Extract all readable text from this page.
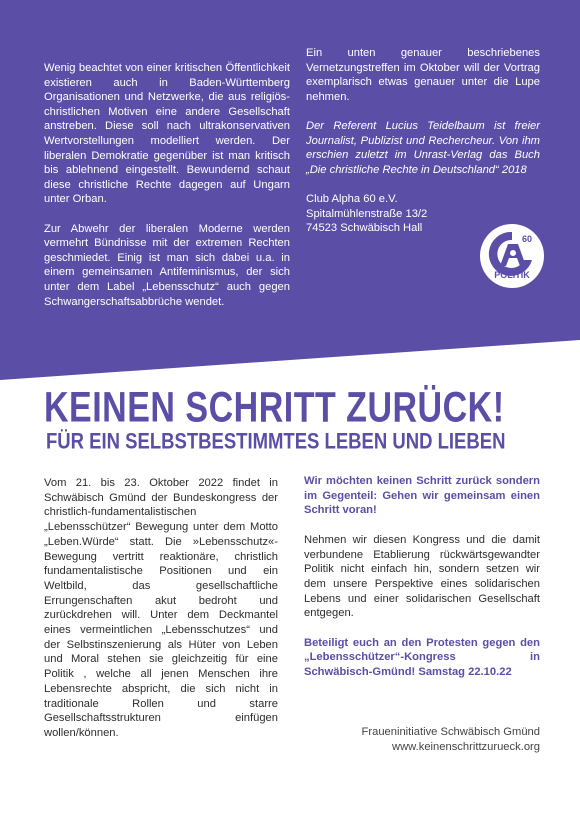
Wenig beachtet von einer kritischen Öffentlichkeit existieren auch in Baden-Württemberg Organisationen und Netzwerke, die aus religiös-christlichen Motiven eine andere Gesellschaft anstreben. Diese soll nach ultrakonservativen Wertvorstellungen modelliert werden. Der liberalen Demokratie gegenüber ist man kritisch bis ablehnend eingestellt. Bewundernd schaut diese christliche Rechte dagegen auf Ungarn unter Orban.

Zur Abwehr der liberalen Moderne werden vermehrt Bündnisse mit der extremen Rechten geschmiedet. Einig ist man sich dabei u.a. in einem gemeinsamen Antifeminismus, der sich unter dem Label „Lebensschutz“ auch gegen Schwangerschaftsabbrüche wendet.

Ein unten genauer beschriebenes Vernetzungstreffen im Oktober will der Vortrag exemplarisch etwas genauer unter die Lupe nehmen.

Der Referent Lucius Teidelbaum ist freier Journalist, Publizist und Rechercheur. Von ihm erschien zuletzt im Unrast-Verlag das Buch „Die christliche Rechte in Deutschland“ 2018

Club Alpha 60 e.V.
Spitalmühlenstraße 13/2
74523 Schwäbisch Hall
60
POLITIK
KEINEN SCHRITT ZURÜCK!
FÜR EIN SELBSTBESTIMMTES LEBEN UND LIEBEN
Vom 21. bis 23. Oktober 2022 findet in Schwäbisch Gmünd der Bundeskongress der christlich-fundamentalistischen „Lebensschützer“ Bewegung unter dem Motto „Leben.Würde“ statt. Die »Lebensschutz«-Bewegung vertritt reaktionäre, christlich fundamentalistische Positionen und ein Weltbild, das gesellschaftliche Errungenschaften akut bedroht und zurückdrehen will. Unter dem Deckmantel eines vermeintlichen „Lebensschutzes“ und der Selbstinszenierung als Hüter von Leben und Moral stehen sie gleichzeitig für eine Politik , welche all jenen Menschen ihre Lebensrechte abspricht, die sich nicht in traditionale Rollen und starre Gesellschaftsstrukturen einfügen wollen/können.

Wir möchten keinen Schritt zurück sondern im Gegenteil: Gehen wir gemeinsam einen Schritt voran!

Nehmen wir diesen Kongress und die damit verbundene Etablierung rückwärtsgewandter Politik nicht einfach hin, sondern setzen wir dem unsere Perspektive eines solidarischen Lebens und einer solidarischen Gesellschaft entgegen.

Beteiligt euch an den Protesten gegen den „Lebensschützer“-Kongress in Schwäbisch-Gmünd! Samstag 22.10.22

Fraueninitiative Schwäbisch Gmünd
www.keinenschrittzurueck.org
